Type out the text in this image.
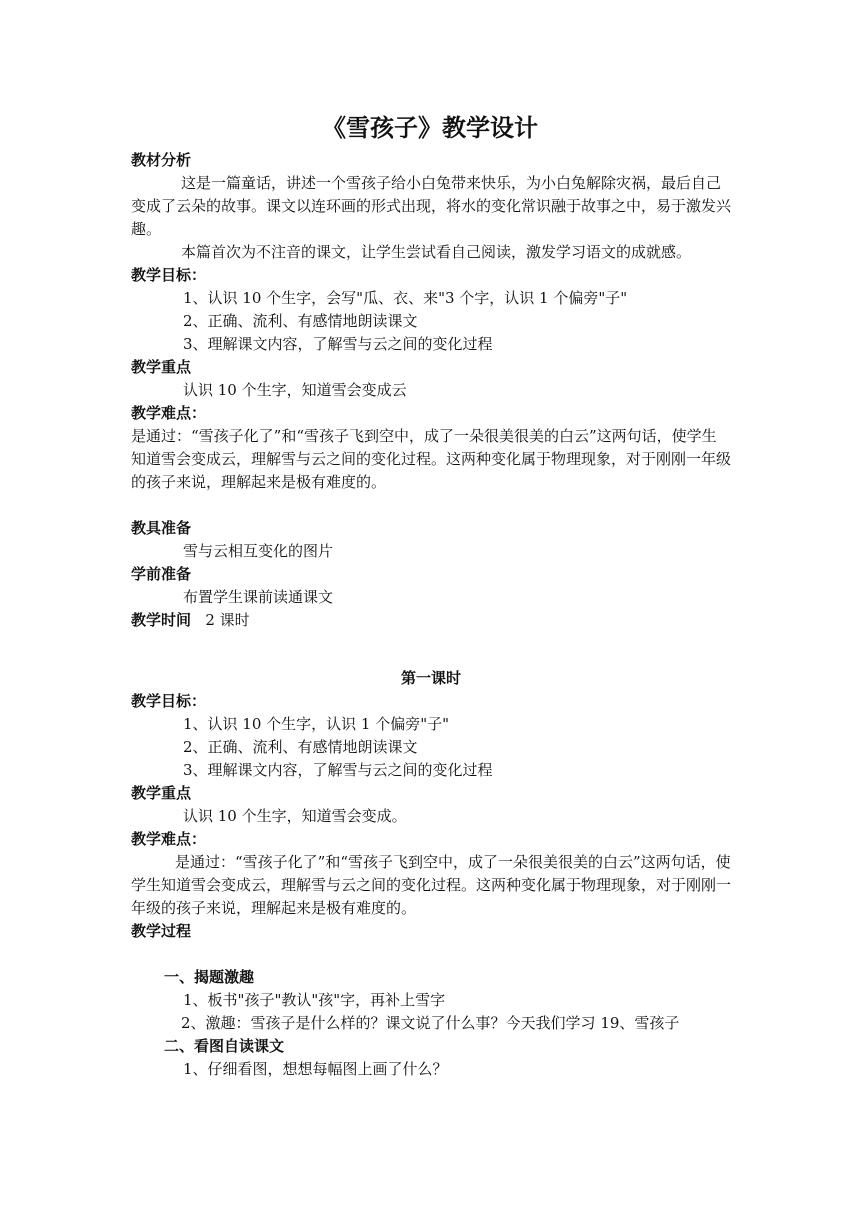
《雪孩子》教学设计

教材分析

这是一篇童话，讲述一个雪孩子给小白兔带来快乐，为小白兔解除灾祸，最后自己变成了云朵的故事。课文以连环画的形式出现，将水的变化常识融于故事之中，易于激发兴趣。

本篇首次为不注音的课文，让学生尝试看自己阅读，激发学习语文的成就感。

教学目标：

1、认识 10 个生字，会写"瓜、衣、来"3 个字，认识 1 个偏旁"子"

2、正确、流利、有感情地朗读课文

3、理解课文内容，了解雪与云之间的变化过程

教学重点

认识 10 个生字，知道雪会变成云

教学难点：

是通过：“雪孩子化了”和“雪孩子飞到空中，成了一朵很美很美的白云”这两句话，使学生知道雪会变成云，理解雪与云之间的变化过程。这两种变化属于物理现象，对于刚刚一年级的孩子来说，理解起来是极有难度的。

教具准备

雪与云相互变化的图片

学前准备

布置学生课前读通课文

教学时间 2 课时

第一课时

教学目标：

1、认识 10 个生字，认识 1 个偏旁"子"

2、正确、流利、有感情地朗读课文

3、理解课文内容，了解雪与云之间的变化过程

教学重点

认识 10 个生字，知道雪会变成。

教学难点：

是通过：“雪孩子化了”和“雪孩子飞到空中，成了一朵很美很美的白云”这两句话，使学生知道雪会变成云，理解雪与云之间的变化过程。这两种变化属于物理现象，对于刚刚一年级的孩子来说，理解起来是极有难度的。

教学过程

一、揭题激趣

1、板书"孩子"教认"孩"字，再补上雪字

2、激趣：雪孩子是什么样的？课文说了什么事？今天我们学习 19、雪孩子

二、看图自读课文

1、仔细看图，想想每幅图上画了什么？
